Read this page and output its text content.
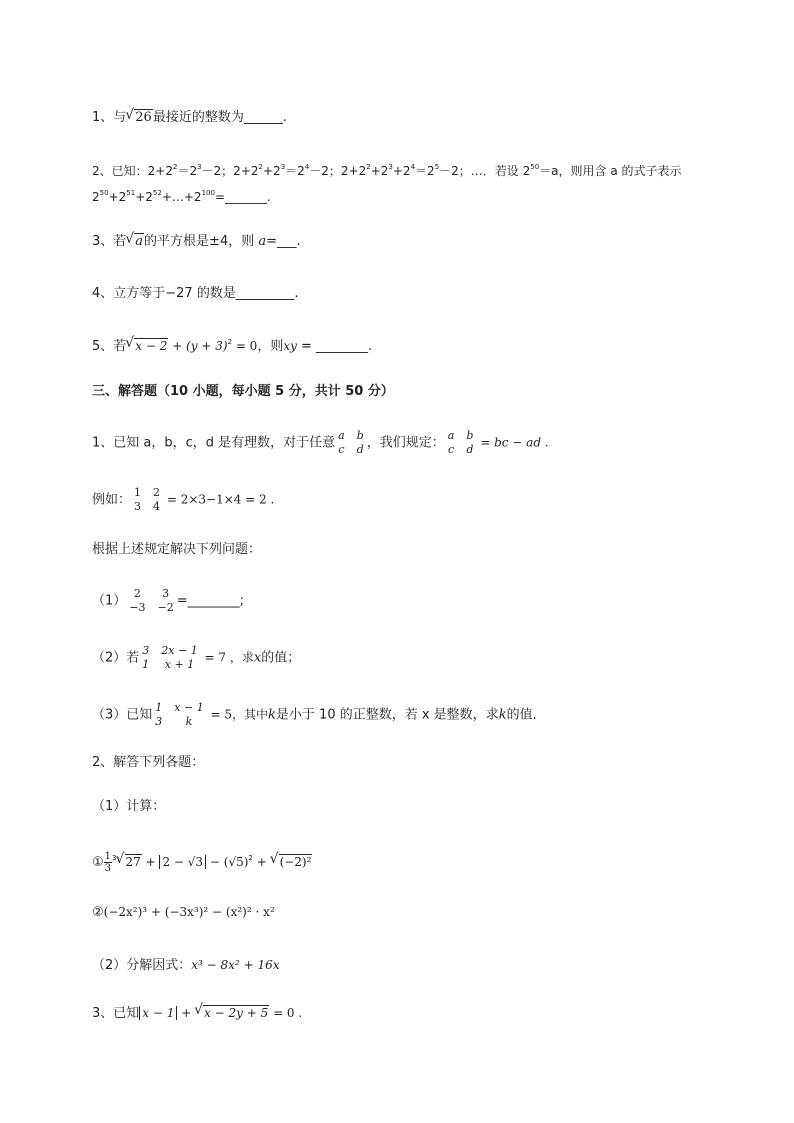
1、与√ 26最接近的整数为______.
2、已知：$2+2^2=2^3-2$；$2+2^2+2^3=2^4-2$；$2+2^2+2^3+2^4=2^5-2$；…．若设 $2^{50}=a$，则用含 a 的式子表示
$2^{50}+2^{51}+2^{52}+\dots+2^{100}=\_\_\_\_\_\_\_$.
3、若√ a的平方根是±4，则 a=___.
4、立方等于−27 的数是_________.
5、若√ $x - 2 + (y + 3)^2 = 0$，则xy = ________.
三、解答题（10 小题，每小题 5 分，共计 50 分）
1、已知 a，b，c，d 是有理数，对于任意 a b
c d ，我们规定： a b
c d = bc − ad .
例如： 1 2
3 4 = 2×3−1×4 = 2 .
根据上述规定解决下列问题：
（1） 2	3
−3 −2 =________;
（2）若 3 2x − 1
1	x + 1 = 7 ，求x的值；
（3）已知 1 x − 1
3	k	= 5，其中k是小于 10 的正整数，若 x 是整数，求k的值．
2、解答下列各题：
（1）计算：
① $\frac{1}{3} ^3√$ $27 + 2 - √3 - (√5)^2$ + √ (−2)²
②(−2x²)³ + (−3x³)² − (x²)² · x²
（2）分解因式：x³ − 8x² + 16x
3、已知 x − 1 + √ x − 2y + 5 = 0 .
